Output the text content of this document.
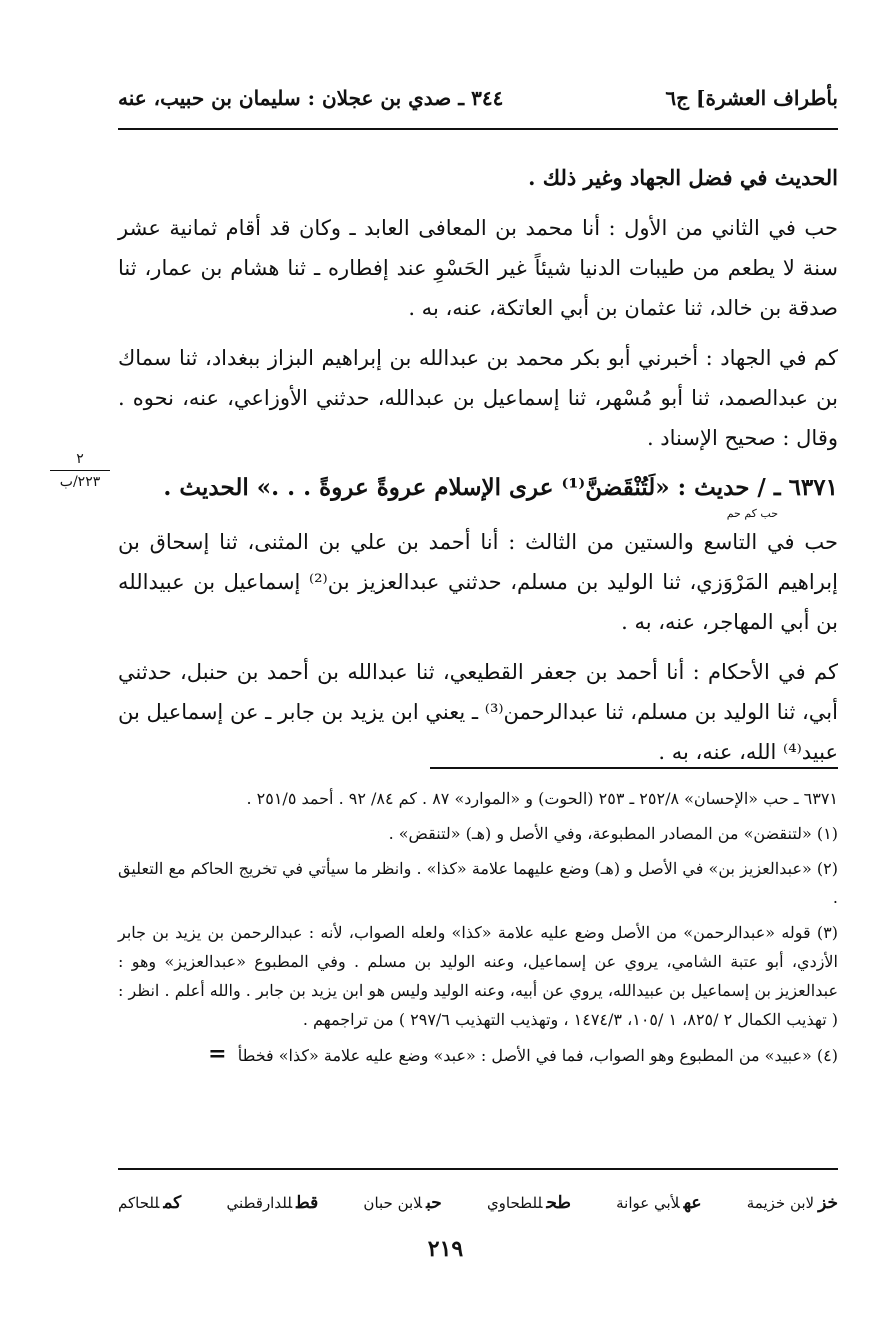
بأطراف العشرة] ج٦
٣٤٤ ـ صدي بن عجلان : سليمان بن حبيب، عنه

الحديث في فضل الجهاد وغير ذلك .

حب في الثاني من الأول : أنا محمد بن المعافى العابد ـ وكان قد أقام ثمانية عشر سنة لا يطعم من طيبات الدنيا شيئاً غير الحَسْوِ عند إفطاره ـ ثنا هشام بن عمار، ثنا صدقة بن خالد، ثنا عثمان بن أبي العاتكة، عنه، به .

كم في الجهاد : أخبرني أبو بكر محمد بن عبدالله بن إبراهيم البزاز ببغداد، ثنا سماك بن عبدالصمد، ثنا أبو مُسْهر، ثنا إسماعيل بن عبدالله، حدثني الأوزاعي، عنه، نحوه . وقال : صحيح الإسناد .

٦٣٧١ ـ / حديث : «لَتُنْقَضنَّ⁽¹⁾ عرى الإسلام عروةً عروةً . . .» الحديث .

حب كم حم

حب في التاسع والستين من الثالث : أنا أحمد بن علي بن المثنى، ثنا إسحاق بن إبراهيم المَرْوَزي، ثنا الوليد بن مسلم، حدثني عبدالعزيز بن⁽²⁾ إسماعيل بن عبيدالله بن أبي المهاجر، عنه، به .

كم في الأحكام : أنا أحمد بن جعفر القطيعي، ثنا عبدالله بن أحمد بن حنبل، حدثني أبي، ثنا الوليد بن مسلم، ثنا عبدالرحمن⁽³⁾ ـ يعني ابن يزيد بن جابر ـ عن إسماعيل بن عبيد⁽⁴⁾ الله، عنه، به .

٢
٢٢٣/ب

٦٣٧١ ـ حب «الإحسان» ٢٥٢/٨ ـ ٢٥٣ (الحوت) و «الموارد» ٨٧ . كم ٨٤/ ٩٢ . أحمد ٢٥١/٥ .

(١) «لتنقضن» من المصادر المطبوعة، وفي الأصل و (هـ) «لتنقض» .

(٢) «عبدالعزيز بن» في الأصل و (هـ) وضع عليهما علامة «كذا» . وانظر ما سيأتي في تخريج الحاكم مع التعليق .

(٣) قوله «عبدالرحمن» من الأصل وضع عليه علامة «كذا» ولعله الصواب، لأنه : عبدالرحمن بن يزيد بن جابر الأزدي، أبو عتبة الشامي، يروي عن إسماعيل، وعنه الوليد بن مسلم . وفي المطبوع «عبدالعزيز» وهو : عبدالعزيز بن إسماعيل بن عبيدالله، يروي عن أبيه، وعنه الوليد وليس هو ابن يزيد بن جابر . والله أعلم . انظر : ( تهذيب الكمال ٢ /٨٢٥، ١ /١٠٥، ١٤٧٤/٣ ، وتهذيب التهذيب ٢٩٧/٦ ) من تراجمهم .

(٤) «عبيد» من المطبوع وهو الصواب، فما في الأصل : «عبد» وضع عليه علامة «كذا» فخطأ =

خزلابن خزيمة
عهلأبي عوانة
طحللطحاوي
حبلابن حبان
قطللدارقطني
كمللحاكم
٢١٩
